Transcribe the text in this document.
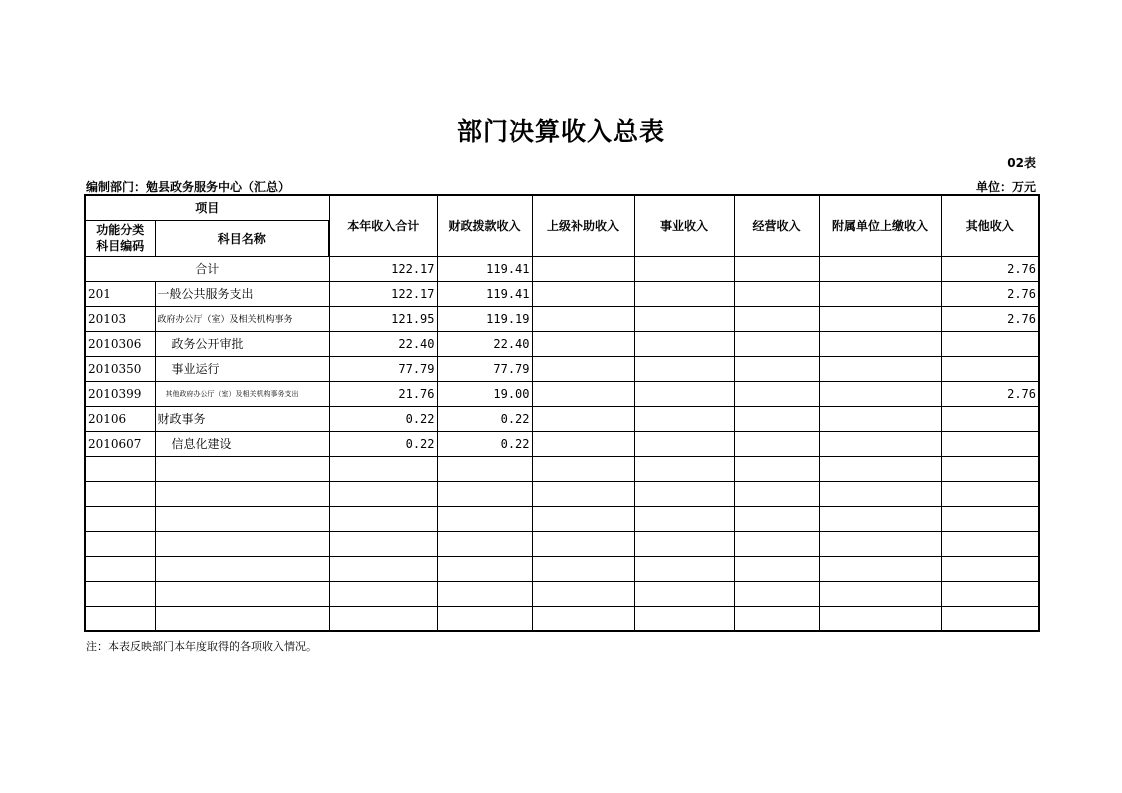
部门决算收入总表
02表
编制部门：勉县政务服务中心（汇总）	单位：万元
项目		本年收入合计	财政拨款收入	上级补助收入	事业收入	经营收入	附属单位上缴收入	其他收入

功能分类
科目编码	科目名称							
合计		122.17	119.41					2.76
201	一般公共服务支出	122.17	119.41					2.76
20103	政府办公厅（室）及相关机构事务	121.95	119.19					2.76
2010306	政务公开审批	22.40	22.40					
2010350	事业运行	77.79	77.79					
2010399	其他政府办公厅（室）及相关机构事务支出	21.76	19.00					2.76
20106	财政事务	0.22	0.22					
2010607	信息化建设	0.22	0.22					

注：本表反映部门本年度取得的各项收入情况。
